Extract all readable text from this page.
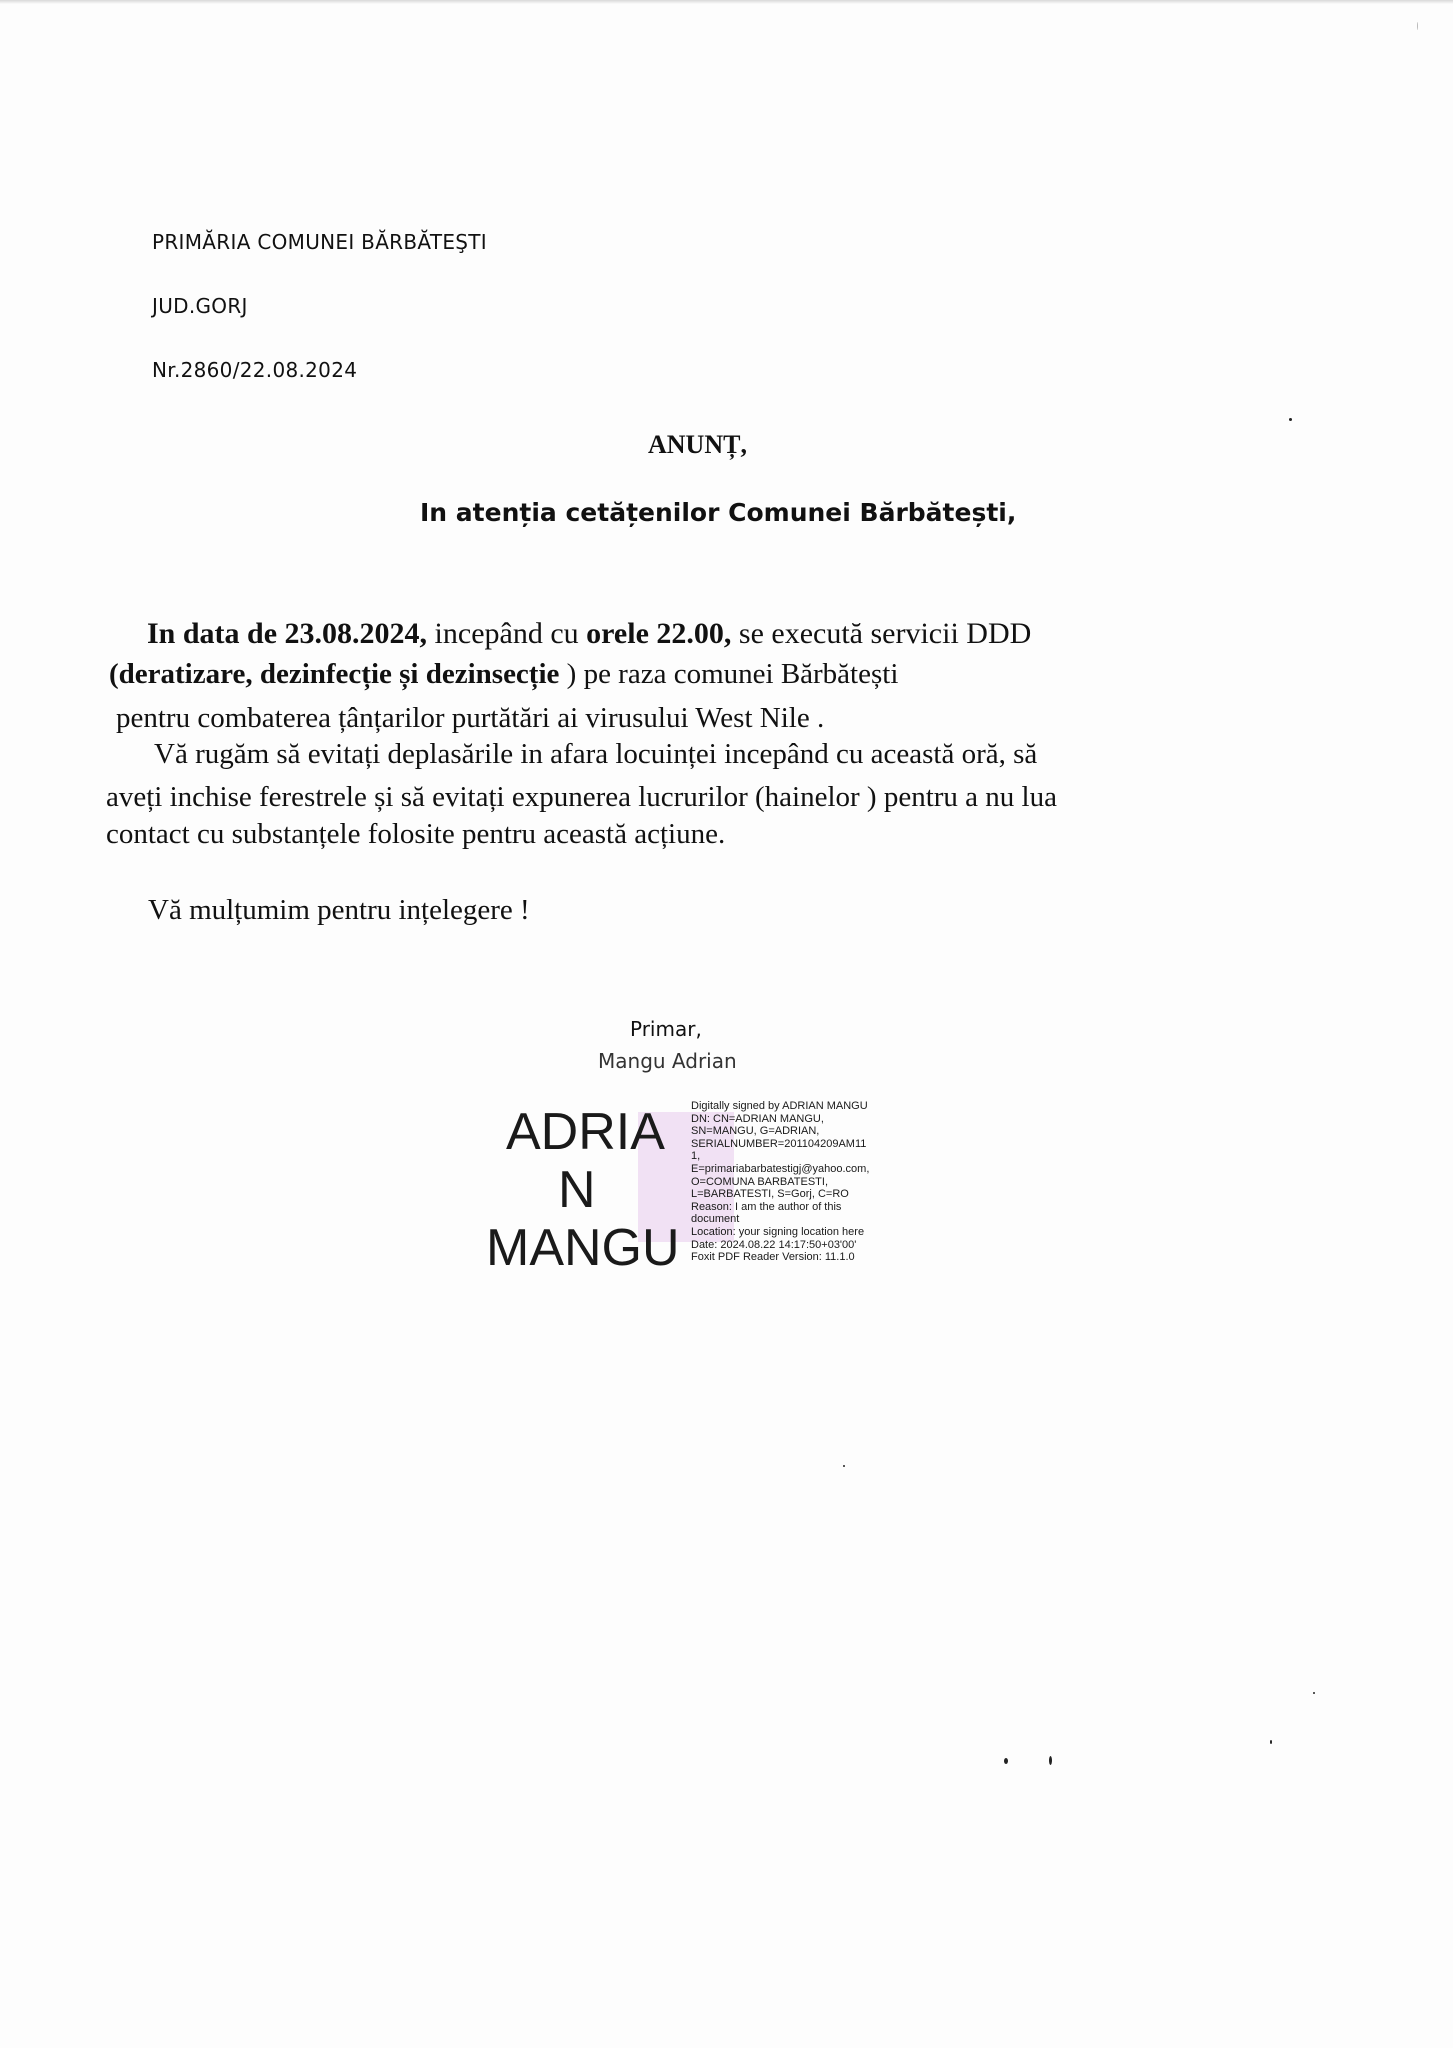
PRIMĂRIA COMUNEI BĂRBĂTEŞTI
JUD.GORJ
Nr.2860/22.08.2024
ANUNȚ,
In atenția cetățenilor Comunei Bărbătești,
In data de 23.08.2024, incepând cu orele 22.00, se execută servicii DDD
(deratizare, dezinfecție și dezinsecție ) pe raza comunei Bărbătești
pentru combaterea țânțarilor purtătări ai virusului West Nile .
Vă rugăm să evitați deplasările in afara locuinței incepând cu această oră, să
aveți inchise ferestrele și să evitați expunerea lucrurilor (hainelor ) pentru a nu lua
contact cu substanțele folosite pentru această acțiune.
Vă mulțumim pentru ințelegere !
Primar,
Mangu Adrian
ADRIA
N
MANGU
Digitally signed by ADRIAN MANGU
DN: CN=ADRIAN MANGU,
SN=MANGU, G=ADRIAN,
SERIALNUMBER=201104209AM11
1,
E=primariabarbatestigj@yahoo.com,
O=COMUNA BARBATESTI,
L=BARBATESTI, S=Gorj, C=RO
Reason: I am the author of this
document
Location: your signing location here
Date: 2024.08.22 14:17:50+03'00'
Foxit PDF Reader Version: 11.1.0
